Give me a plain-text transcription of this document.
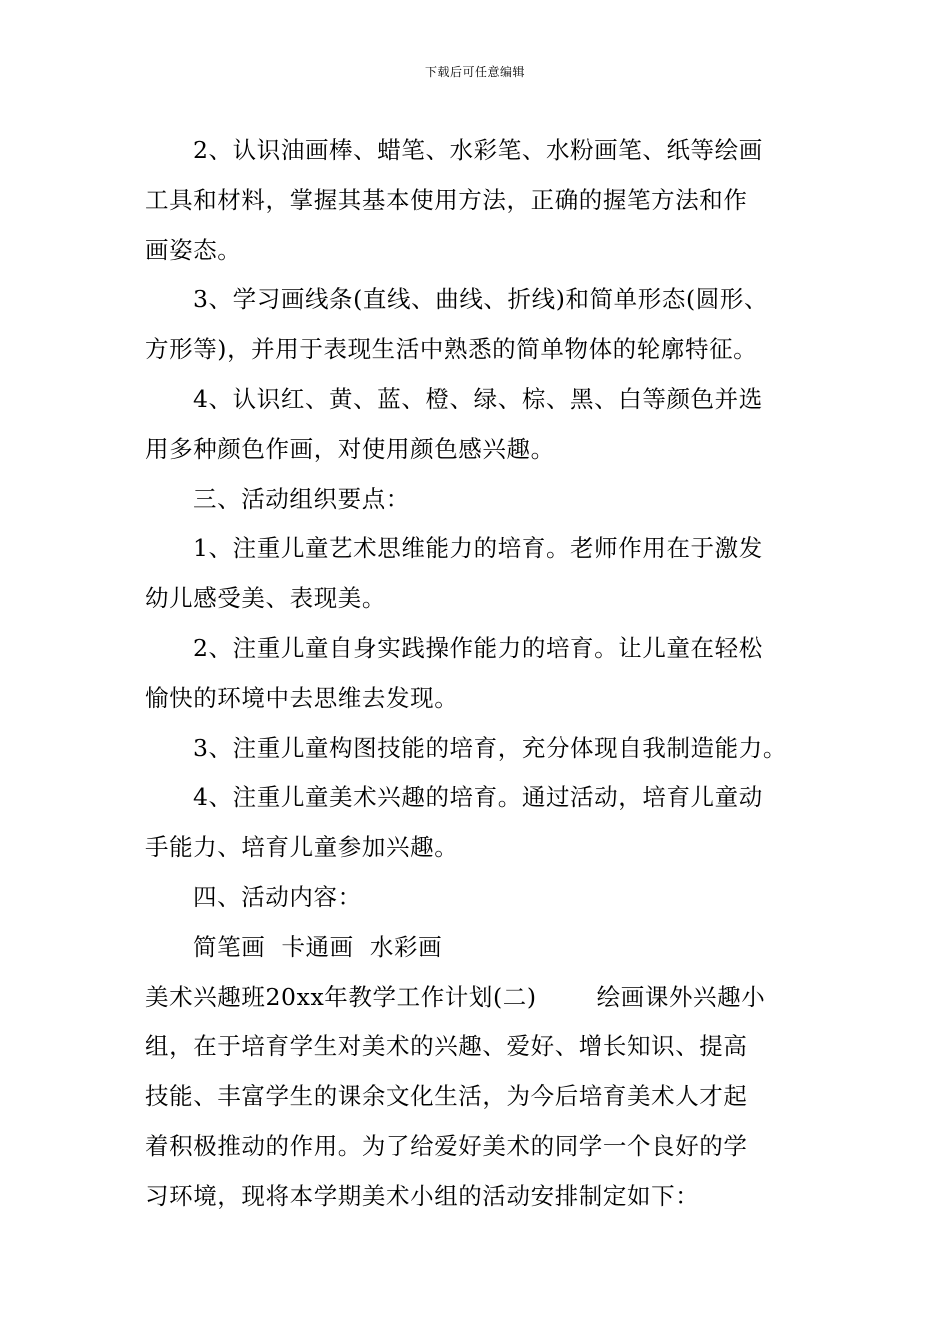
下载后可任意编辑

2、认识油画棒、蜡笔、水彩笔、水粉画笔、纸等绘画

工具和材料，掌握其基本使用方法，正确的握笔方法和作

画姿态。

3、学习画线条(直线、曲线、折线)和简单形态(圆形、

方形等)，并用于表现生活中熟悉的简单物体的轮廓特征。

4、认识红、黄、蓝、橙、绿、棕、黑、白等颜色并选

用多种颜色作画，对使用颜色感兴趣。

三、活动组织要点：

1、注重儿童艺术思维能力的培育。老师作用在于激发

幼儿感受美、表现美。

2、注重儿童自身实践操作能力的培育。让儿童在轻松

愉快的环境中去思维去发现。

3、注重儿童构图技能的培育，充分体现自我制造能力。

4、注重儿童美术兴趣的培育。通过活动，培育儿童动

手能力、培育儿童参加兴趣。

四、活动内容：

简笔画  卡通画  水彩画

美术兴趣班20xx年教学工作计划(二)	绘画课外兴趣小

组，在于培育学生对美术的兴趣、爱好、增长知识、提高

技能、丰富学生的课余文化生活，为今后培育美术人才起

着积极推动的作用。为了给爱好美术的同学一个良好的学

习环境，现将本学期美术小组的活动安排制定如下：
